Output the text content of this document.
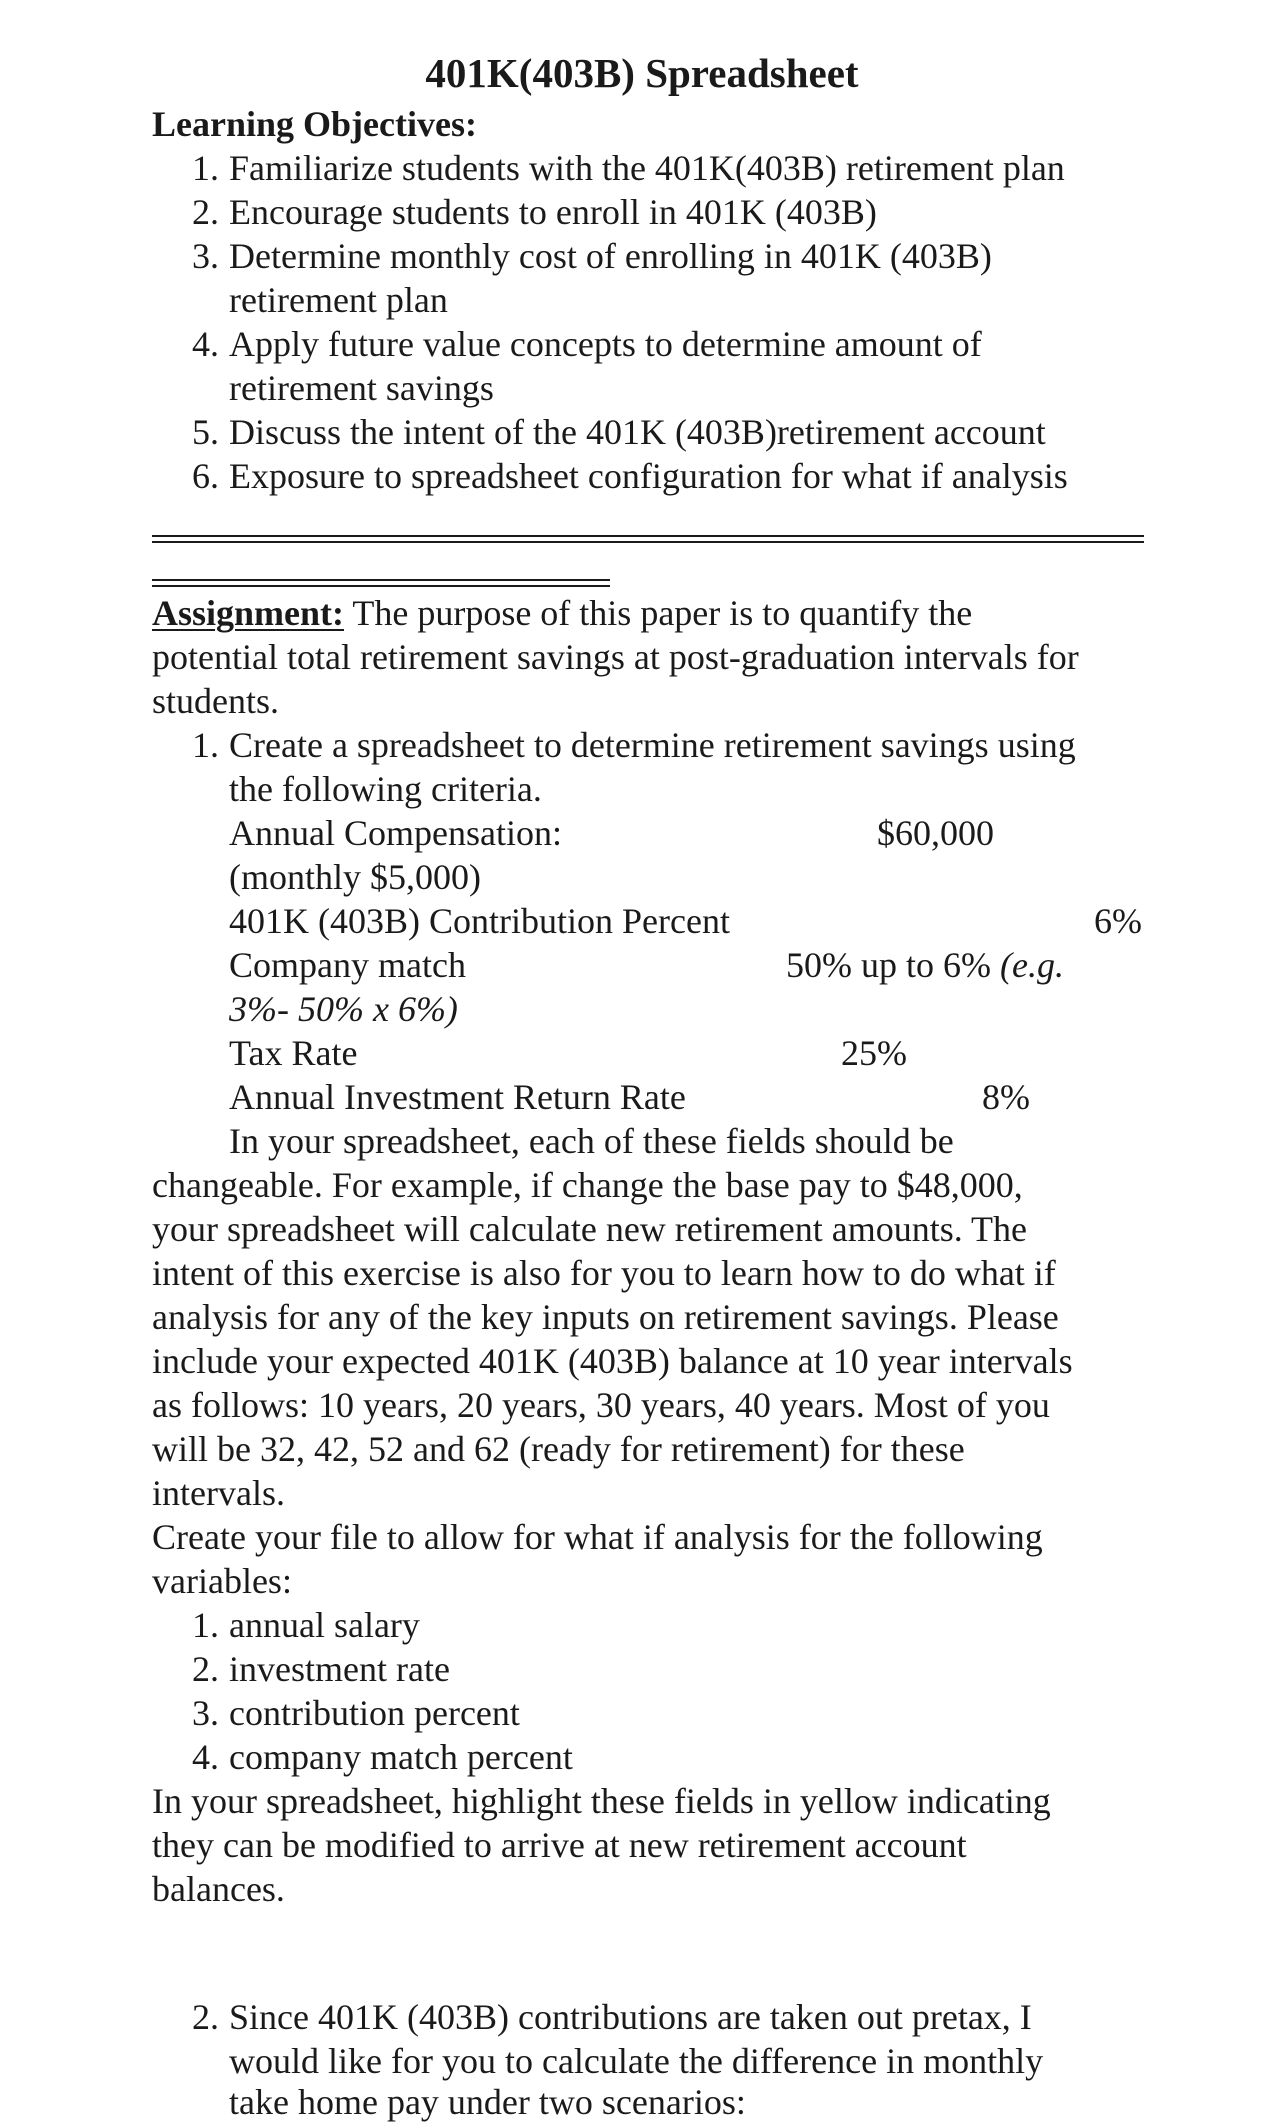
401K(403B) Spreadsheet
Learning Objectives:
1. Familiarize students with the 401K(403B) retirement plan
2. Encourage students to enroll in 401K (403B)
3. Determine monthly cost of enrolling in 401K (403B)
retirement plan
4. Apply future value concepts to determine amount of
retirement savings
5. Discuss the intent of the 401K (403B)retirement account
6. Exposure to spreadsheet configuration for what if analysis
Assignment: The purpose of this paper is to quantify the
potential total retirement savings at post-graduation intervals for
students.
1. Create a spreadsheet to determine retirement savings using
the following criteria.
Annual Compensation:	$60,000
(monthly $5,000)
401K (403B) Contribution Percent	6%
Company match	50% up to 6% (e.g.
3%- 50% x 6%)
Tax Rate	25%
Annual Investment Return Rate	8%
In your spreadsheet, each of these fields should be
changeable. For example, if change the base pay to $48,000,
your spreadsheet will calculate new retirement amounts. The
intent of this exercise is also for you to learn how to do what if
analysis for any of the key inputs on retirement savings. Please
include your expected 401K (403B) balance at 10 year intervals
as follows: 10 years, 20 years, 30 years, 40 years. Most of you
will be 32, 42, 52 and 62 (ready for retirement) for these
intervals.
Create your file to allow for what if analysis for the following
variables:
1. annual salary
2. investment rate
3. contribution percent
4. company match percent
In your spreadsheet, highlight these fields in yellow indicating
they can be modified to arrive at new retirement account
balances.
2. Since 401K (403B) contributions are taken out pretax, I
would like for you to calculate the difference in monthly
take home pay under two scenarios:
